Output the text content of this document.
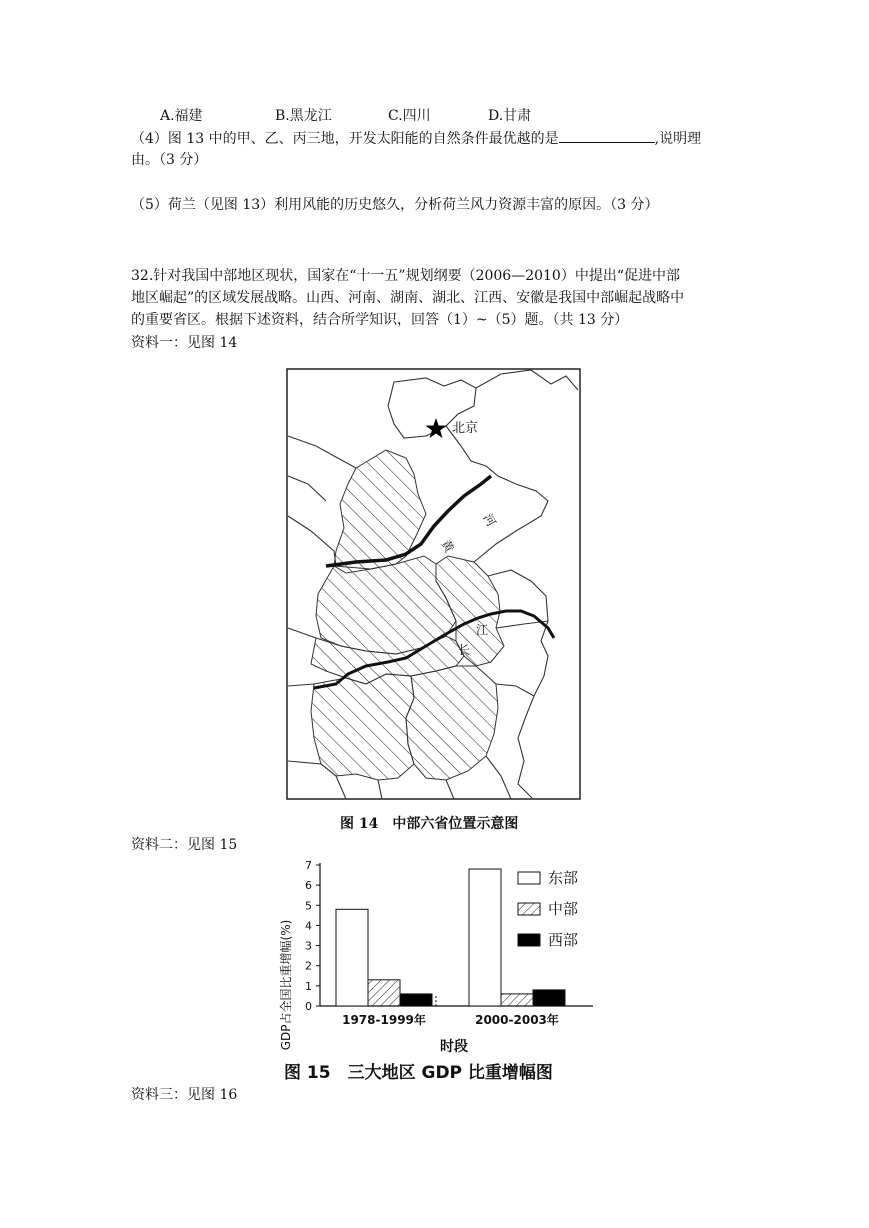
A.福建	B.黑龙江	C.四川	D.甘肃
（4）图 13 中的甲、乙、丙三地，开发太阳能的自然条件最优越的是	,说明理
由。（3 分）
（5）荷兰（见图 13）利用风能的历史悠久，分析荷兰风力资源丰富的原因。（3 分）
32.针对我国中部地区现状，国家在“十一五”规划纲要（2006—2010）中提出“促进中部
地区崛起”的区域发展战略。山西、河南、湖南、湖北、江西、安徽是我国中部崛起战略中
的重要省区。根据下述资料，结合所学知识，回答（1）~（5）题。（共 13 分）
资料一：见图 14
北京
河
黄
江
长
图 14　中部六省位置示意图
资料二：见图 15
GDP占全国比重增幅(%) 0
1
2
3
4
5
6
7
东部
中部
西部
1978-1999年	2000-2003年
时段
图 15　三大地区 GDP 比重增幅图
资料三：见图 16
